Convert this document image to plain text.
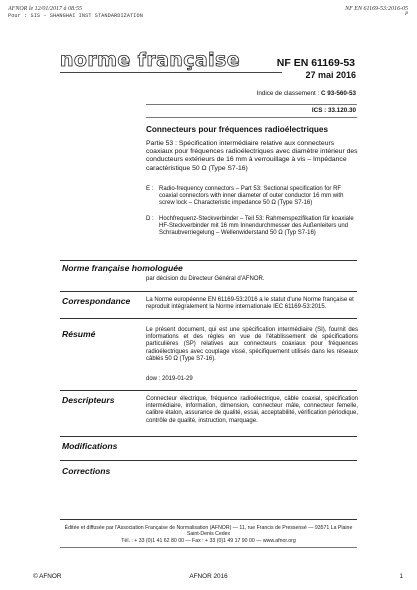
AFNOR le 12/01/2017 à 08:55	NF EN 61169-53:2016-05
P
Pour : SIS - SHANGHAI INST STANDARDIZATION
norme française	NF EN 61169-53
27 mai 2016
Indice de classement : C 93-560-53
ICS : 33.120.30
Connecteurs pour fréquences radioélectriques
Partie 53 : Spécification intermédiaire relative aux connecteurs coaxiaux pour fréquences radioélectriques avec diamètre intérieur des conducteurs extérieurs de 16 mm à verrouillage à vis – Impédance caractéristique 50 Ω (Type S7-16)
E : Radio-frequency connectors – Part 53: Sectional specification for RF coaxial connectors with inner diameter of outer conductor 16 mm with screw lock – Characteristic impedance 50 Ω (Type S7-16)
D : Hochfrequenz-Steckverbinder – Teil 53: Rahmenspezifikation für koaxiale HF-Steckverbinder mit 16 mm Innendurchmesser des Außenleiters und Schraubverriegelung – Wellenwiderstand 50 Ω (Typ S7-16)
Norme française homologuée
par décision du Directeur Général d'AFNOR.
Correspondance	La Norme européenne EN 61169-53:2016 a le statut d'une Norme française et reproduit intégralement la Norme internationale IEC 61169-53:2015.
Résumé	Le présent document, qui est une spécification intermédiaire (SI), fournit des informations et des règles en vue de l'établissement de spécifications particulières (SP) relatives aux connecteurs coaxiaux pour fréquences radioélectriques avec couplage vissé, spécifiquement utilisés dans les réseaux câblés 50 Ω (Type S7-16).
dow : 2019-01-29
Descripteurs	Connecteur électrique, fréquence radioélectrique, câble coaxial, spécification intermédiaire, information, dimension, connecteur mâle, connecteur femelle, calibre étalon, assurance de qualité, essai, acceptabilité, vérification périodique, contrôle de qualité, instruction, marquage.
Modifications
Corrections
Éditée et diffusée par l'Association Française de Normalisation (AFNOR) — 11, rue Francis de Pressensé — 93571 La Plaine Saint-Denis Cedex
Tél. : + 33 (0)1 41 62 80 00 — Fax : + 33 (0)1 49 17 90 00 — www.afnor.org
© AFNOR	AFNOR 2016	1
